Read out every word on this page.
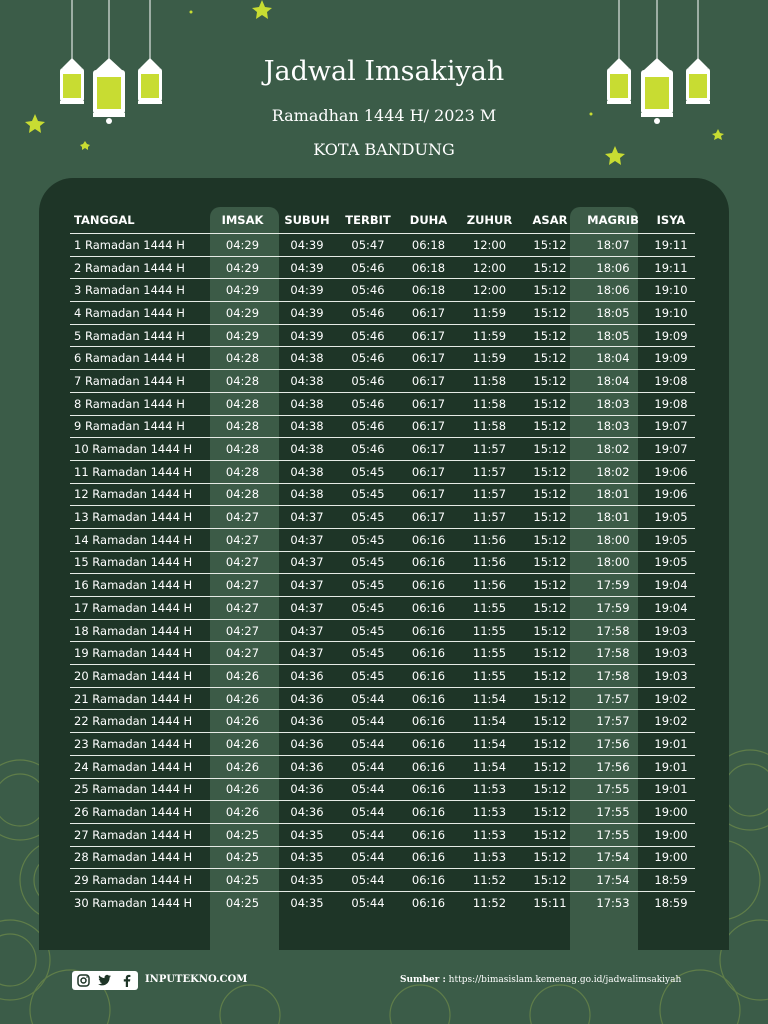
Jadwal Imsakiyah
Ramadhan 1444 H/ 2023 M
KOTA BANDUNG
TANGGAL	IMSAK	SUBUH	TERBIT	DUHA	ZUHUR	ASAR	MAGRIB	ISYA
1 Ramadan 1444 H	04:29	04:39	05:47	06:18	12:00	15:12	18:07	19:11
2 Ramadan 1444 H	04:29	04:39	05:46	06:18	12:00	15:12	18:06	19:11
3 Ramadan 1444 H	04:29	04:39	05:46	06:18	12:00	15:12	18:06	19:10
4 Ramadan 1444 H	04:29	04:39	05:46	06:17	11:59	15:12	18:05	19:10
5 Ramadan 1444 H	04:29	04:39	05:46	06:17	11:59	15:12	18:05	19:09
6 Ramadan 1444 H	04:28	04:38	05:46	06:17	11:59	15:12	18:04	19:09
7 Ramadan 1444 H	04:28	04:38	05:46	06:17	11:58	15:12	18:04	19:08
8 Ramadan 1444 H	04:28	04:38	05:46	06:17	11:58	15:12	18:03	19:08
9 Ramadan 1444 H	04:28	04:38	05:46	06:17	11:58	15:12	18:03	19:07
10 Ramadan 1444 H	04:28	04:38	05:46	06:17	11:57	15:12	18:02	19:07
11 Ramadan 1444 H	04:28	04:38	05:45	06:17	11:57	15:12	18:02	19:06
12 Ramadan 1444 H	04:28	04:38	05:45	06:17	11:57	15:12	18:01	19:06
13 Ramadan 1444 H	04:27	04:37	05:45	06:17	11:57	15:12	18:01	19:05
14 Ramadan 1444 H	04:27	04:37	05:45	06:16	11:56	15:12	18:00	19:05
15 Ramadan 1444 H	04:27	04:37	05:45	06:16	11:56	15:12	18:00	19:05
16 Ramadan 1444 H	04:27	04:37	05:45	06:16	11:56	15:12	17:59	19:04
17 Ramadan 1444 H	04:27	04:37	05:45	06:16	11:55	15:12	17:59	19:04
18 Ramadan 1444 H	04:27	04:37	05:45	06:16	11:55	15:12	17:58	19:03
19 Ramadan 1444 H	04:27	04:37	05:45	06:16	11:55	15:12	17:58	19:03
20 Ramadan 1444 H	04:26	04:36	05:45	06:16	11:55	15:12	17:58	19:03
21 Ramadan 1444 H	04:26	04:36	05:44	06:16	11:54	15:12	17:57	19:02
22 Ramadan 1444 H	04:26	04:36	05:44	06:16	11:54	15:12	17:57	19:02
23 Ramadan 1444 H	04:26	04:36	05:44	06:16	11:54	15:12	17:56	19:01
24 Ramadan 1444 H	04:26	04:36	05:44	06:16	11:54	15:12	17:56	19:01
25 Ramadan 1444 H	04:26	04:36	05:44	06:16	11:53	15:12	17:55	19:01
26 Ramadan 1444 H	04:26	04:36	05:44	06:16	11:53	15:12	17:55	19:00
27 Ramadan 1444 H	04:25	04:35	05:44	06:16	11:53	15:12	17:55	19:00
28 Ramadan 1444 H	04:25	04:35	05:44	06:16	11:53	15:12	17:54	19:00
29 Ramadan 1444 H	04:25	04:35	05:44	06:16	11:52	15:12	17:54	18:59
30 Ramadan 1444 H	04:25	04:35	05:44	06:16	11:52	15:11	17:53	18:59
INPUTEKNO.COM	Sumber : https://bimasislam.kemenag.go.id/jadwalimsakiyah
